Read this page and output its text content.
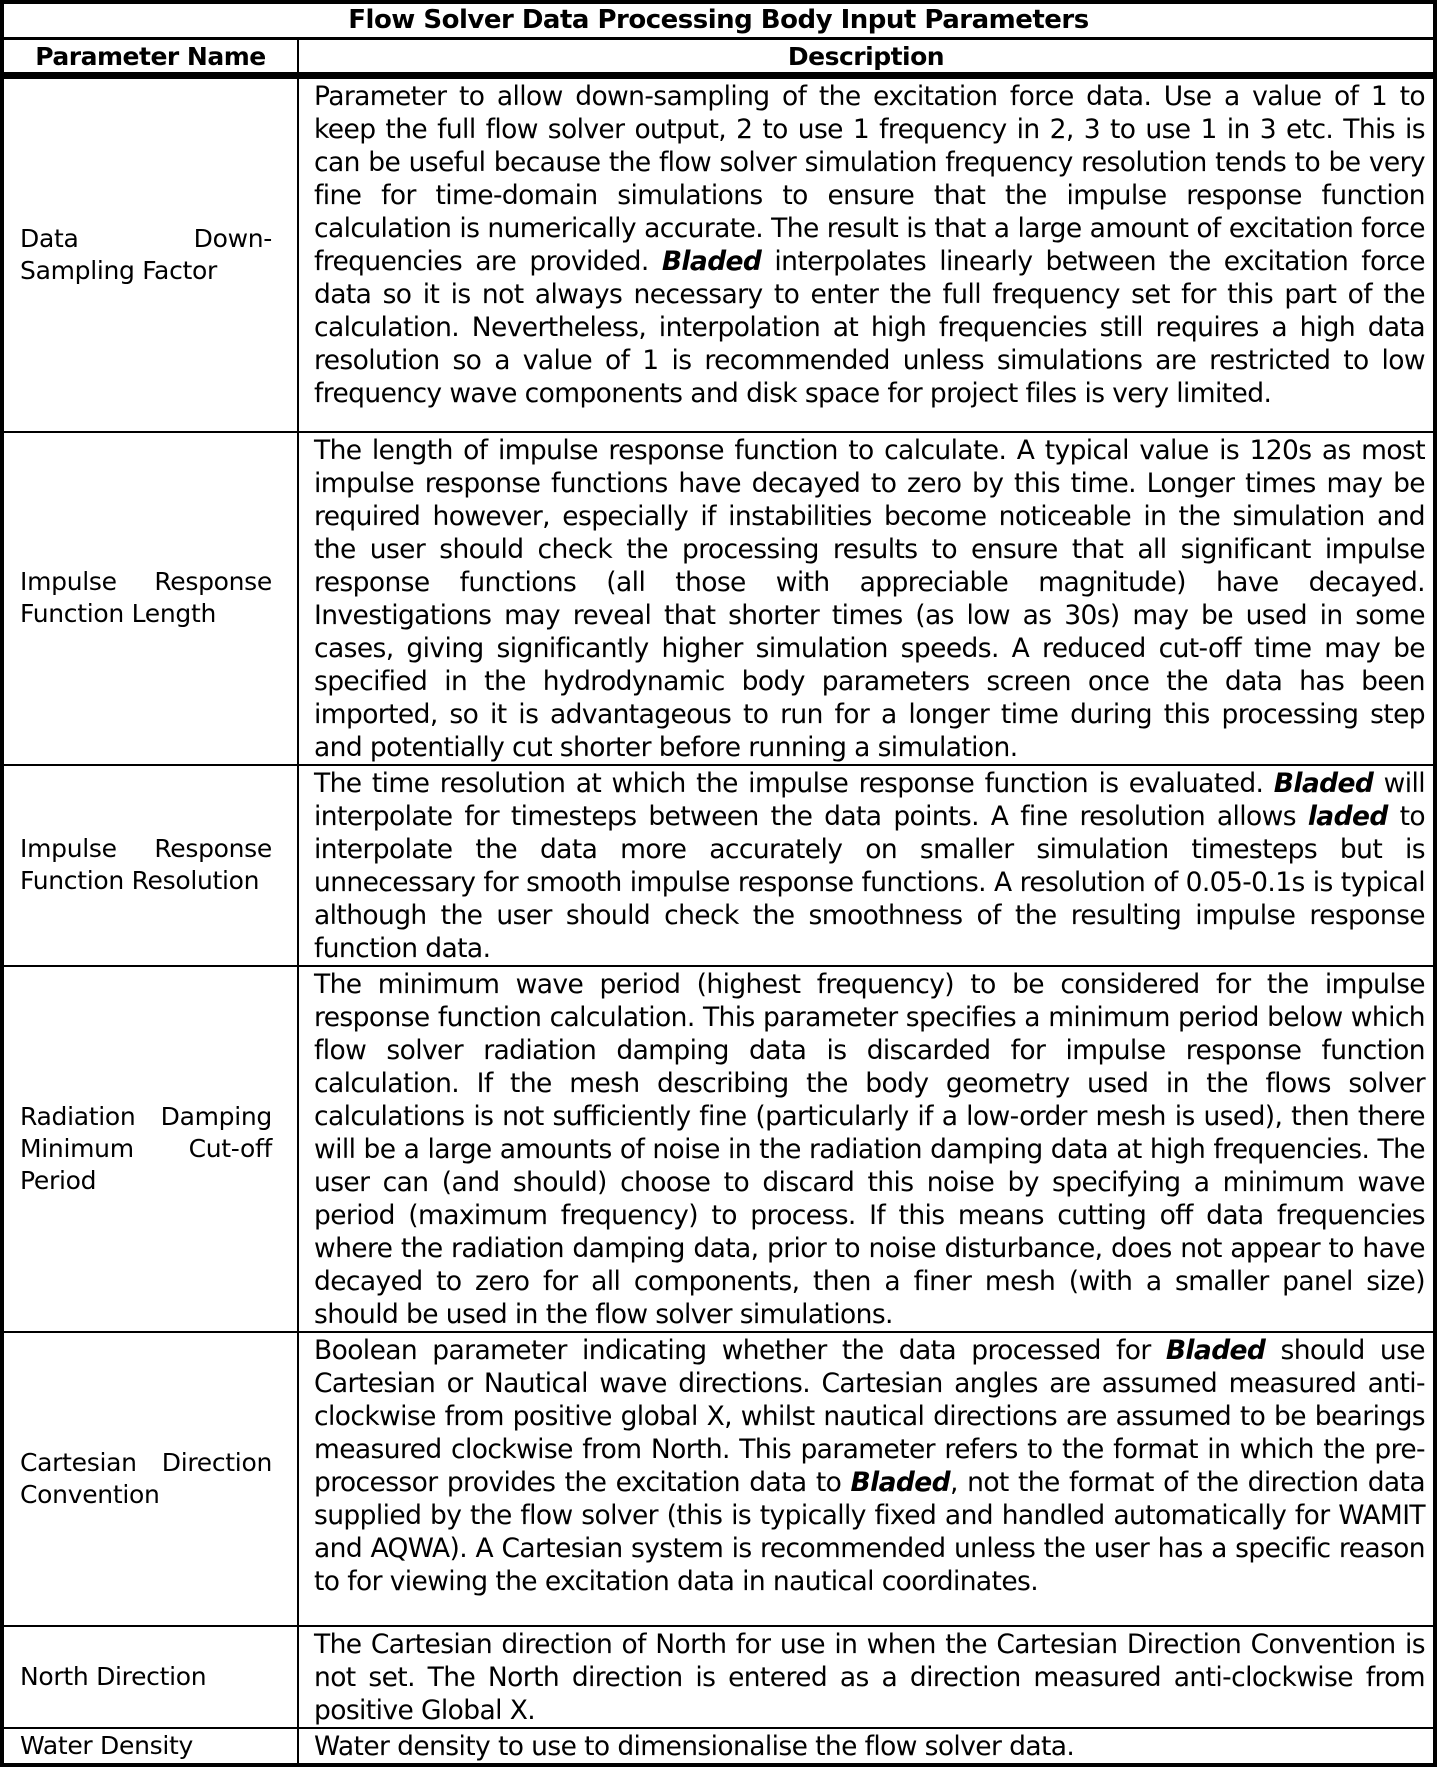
Flow Solver Data Processing Body Input Parameters	
Parameter Name	Description
Data Down-Sampling Factor	Parameter to allow down-sampling of the excitation force data. Use a value of 1 to keep the full flow solver output, 2 to use 1 frequency in 2, 3 to use 1 in 3 etc. This is can be useful because the flow solver simulation frequency resolution tends to be very fine for time-domain simulations to ensure that the impulse response function calculation is numerically accurate. The result is that a large amount of excitation force frequencies are provided. Bladed interpolates linearly between the excitation force data so it is not always necessary to enter the full frequency set for this part of the calculation. Nevertheless, interpolation at high frequencies still requires a high data resolution so a value of 1 is recommended unless simulations are restricted to low frequency wave components and disk space for project files is very limited.

Impulse Response Function Length	The length of impulse response function to calculate. A typical value is 120s as most impulse response functions have decayed to zero by this time. Longer times may be required however, especially if instabilities become noticeable in the simulation and the user should check the processing results to ensure that all significant impulse response functions (all those with appreciable magnitude) have decayed. Investigations may reveal that shorter times (as low as 30s) may be used in some cases, giving significantly higher simulation speeds. A reduced cut-off time may be specified in the hydrodynamic body parameters screen once the data has been imported, so it is advantageous to run for a longer time during this processing step and potentially cut shorter before running a simulation.

Impulse Response Function Resolution	The time resolution at which the impulse response function is evaluated. Bladed will interpolate for timesteps between the data points. A fine resolution allows laded to interpolate the data more accurately on smaller simulation timesteps but is unnecessary for smooth impulse response functions. A resolution of 0.05-0.1s is typical although the user should check the smoothness of the resulting impulse response function data.

Radiation Damping Minimum Cut-off Period	The minimum wave period (highest frequency) to be considered for the impulse response function calculation. This parameter specifies a minimum period below which flow solver radiation damping data is discarded for impulse response function calculation. If the mesh describing the body geometry used in the flows solver calculations is not sufficiently fine (particularly if a low-order mesh is used), then there will be a large amounts of noise in the radiation damping data at high frequencies. The user can (and should) choose to discard this noise by specifying a minimum wave period (maximum frequency) to process. If this means cutting off data frequencies where the radiation damping data, prior to noise disturbance, does not appear to have decayed to zero for all components, then a finer mesh (with a smaller panel size) should be used in the flow solver simulations.

Cartesian Direction Convention	Boolean parameter indicating whether the data processed for Bladed should use Cartesian or Nautical wave directions. Cartesian angles are assumed measured anti-clockwise from positive global X, whilst nautical directions are assumed to be bearings measured clockwise from North. This parameter refers to the format in which the pre-processor provides the excitation data to Bladed, not the format of the direction data supplied by the flow solver (this is typically fixed and handled automatically for WAMIT and AQWA). A Cartesian system is recommended unless the user has a specific reason to for viewing the excitation data in nautical coordinates.

North Direction	The Cartesian direction of North for use in when the Cartesian Direction Convention is not set. The North direction is entered as a direction measured anti-clockwise from positive Global X.

Water Density	Water density to use to dimensionalise the flow solver data.
